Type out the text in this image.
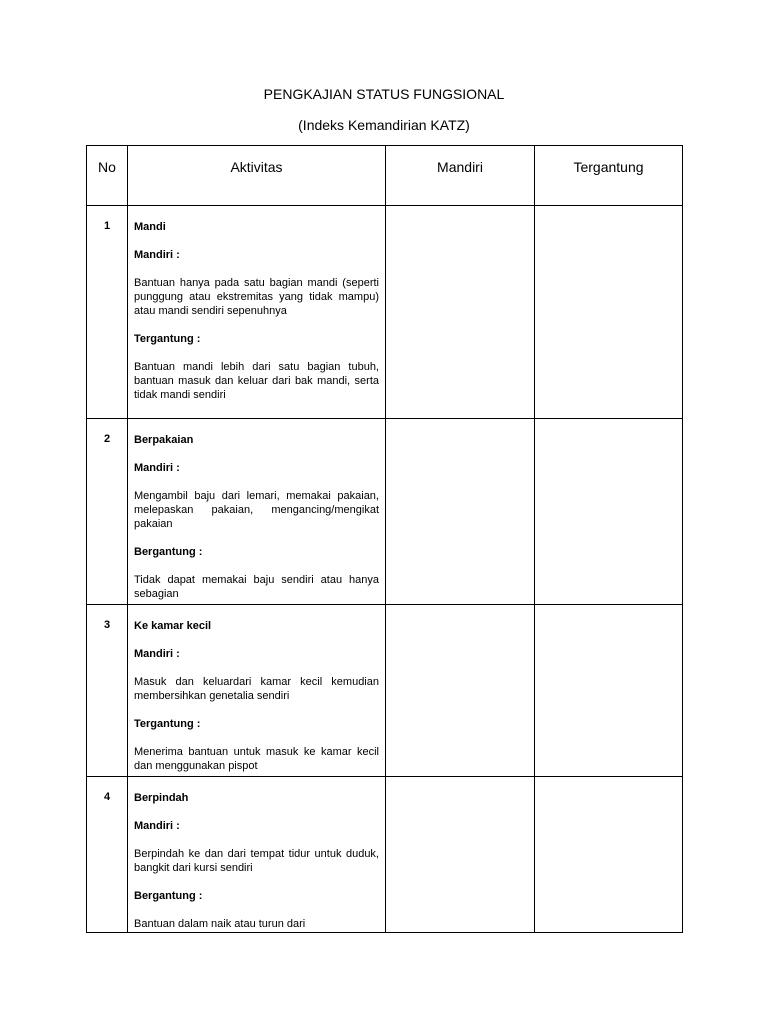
PENGKAJIAN STATUS FUNGSIONAL
(Indeks Kemandirian KATZ)
No	Aktivitas	Mandiri	Tergantung
1	Mandi

Mandiri :

Bantuan hanya pada satu bagian mandi (seperti punggung atau ekstremitas yang tidak mampu) atau mandi sendiri sepenuhnya

Tergantung :

Bantuan mandi lebih dari satu bagian tubuh, bantuan masuk dan keluar dari bak mandi, serta tidak mandi sendiri		

2	Berpakaian

Mandiri :

Mengambil baju dari lemari, memakai pakaian, melepaskan pakaian, mengancing/mengikat pakaian

Bergantung :

Tidak dapat memakai baju sendiri atau hanya sebagian		

3	Ke kamar kecil

Mandiri :

Masuk dan keluardari kamar kecil kemudian membersihkan genetalia sendiri

Tergantung :

Menerima bantuan untuk masuk ke kamar kecil dan menggunakan pispot		

4	Berpindah

Mandiri :

Berpindah ke dan dari tempat tidur untuk duduk, bangkit dari kursi sendiri

Bergantung :

Bantuan dalam naik atau turun dari		
